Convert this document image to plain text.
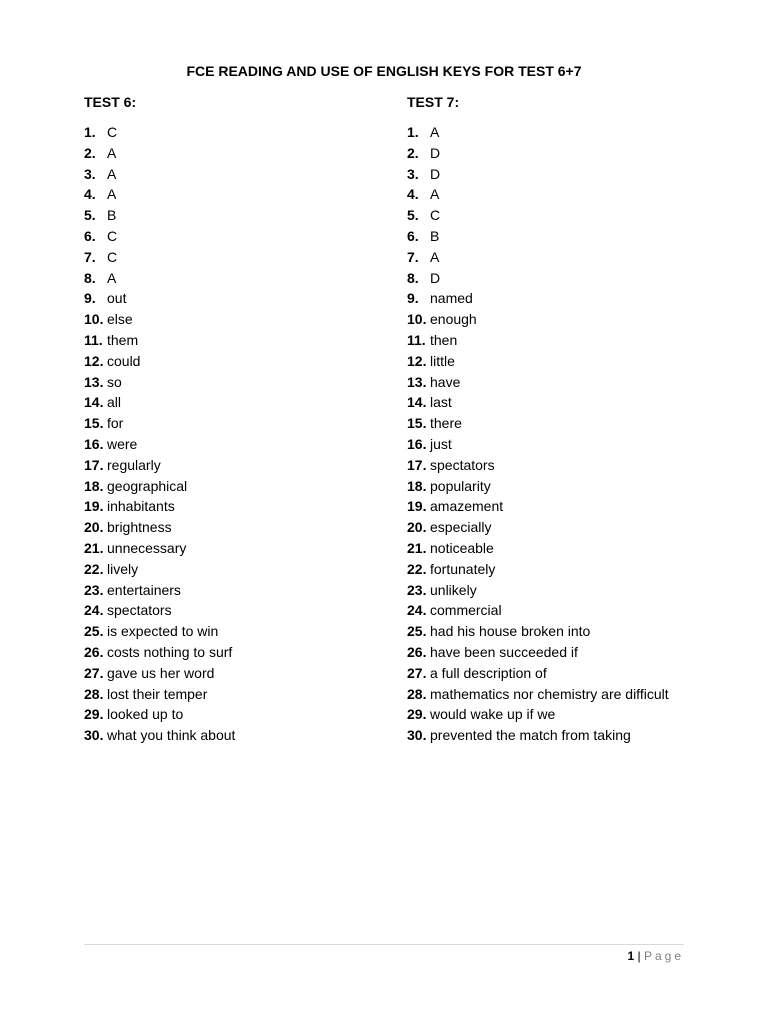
FCE READING AND USE OF ENGLISH KEYS FOR TEST 6+7
TEST 6:
1. C
2. A
3. A
4. A
5. B
6. C
7. C
8. A
9. out
10. else
11. them
12. could
13. so
14. all
15. for
16. were
17. regularly
18. geographical
19. inhabitants
20. brightness
21. unnecessary
22. lively
23. entertainers
24. spectators
25. is expected to win
26. costs nothing to surf
27. gave us her word
28. lost their temper
29. looked up to
30. what you think about
TEST 7:
1. A
2. D
3. D
4. A
5. C
6. B
7. A
8. D
9. named
10. enough
11. then
12. little
13. have
14. last
15. there
16. just
17. spectators
18. popularity
19. amazement
20. especially
21. noticeable
22. fortunately
23. unlikely
24. commercial
25. had his house broken into
26. have been succeeded if
27. a full description of
28. mathematics nor chemistry are difficult
29. would wake up if we
30. prevented the match from taking
1 | Page
